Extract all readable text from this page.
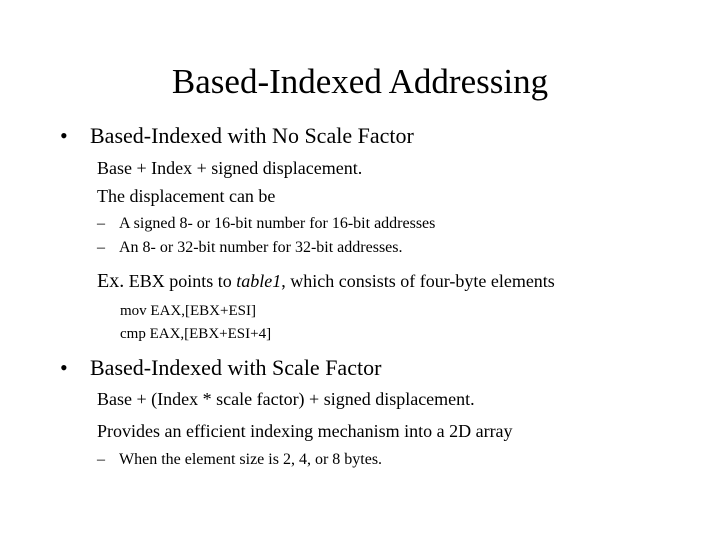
Based-Indexed Addressing
• Based-Indexed with No Scale Factor
Base + Index + signed displacement.
The displacement can be
– A signed 8- or 16-bit number for 16-bit addresses
– An 8- or 32-bit number for 32-bit addresses.
Ex. EBX points to table1, which consists of four-byte elements
mov EAX,[EBX+ESI]
cmp EAX,[EBX+ESI+4]
• Based-Indexed with Scale Factor
Base + (Index * scale factor) + signed displacement.
Provides an efficient indexing mechanism into a 2D array
– When the element size is 2, 4, or 8 bytes.
